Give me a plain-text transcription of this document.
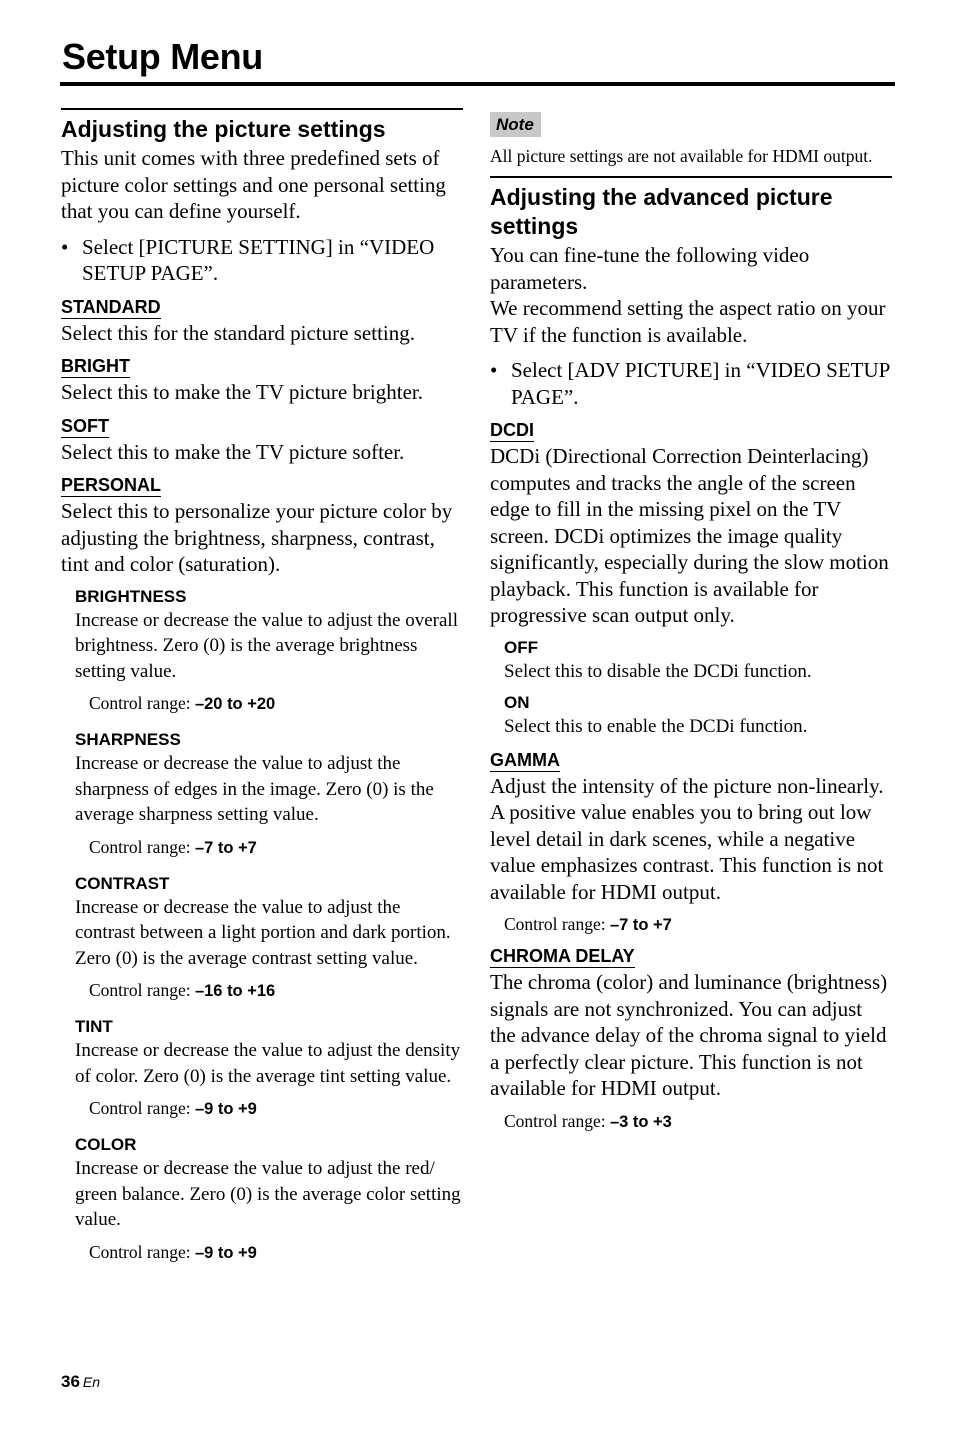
Setup Menu
Adjusting the picture settings

This unit comes with three predefined sets of picture color settings and one personal setting that you can define yourself.

• Select [PICTURE SETTING] in “VIDEO SETUP PAGE”.
STANDARD

Select this for the standard picture setting.

BRIGHT

Select this to make the TV picture brighter.

SOFT

Select this to make the TV picture softer.

PERSONAL

Select this to personalize your picture color by adjusting the brightness, sharpness, contrast, tint and color (saturation).

BRIGHTNESS

Increase or decrease the value to adjust the overall brightness. Zero (0) is the average brightness setting value.

Control range: –20 to +20

SHARPNESS

Increase or decrease the value to adjust the sharpness of edges in the image. Zero (0) is the average sharpness setting value.

Control range: –7 to +7

CONTRAST

Increase or decrease the value to adjust the contrast between a light portion and dark portion. Zero (0) is the average contrast setting value.

Control range: –16 to +16

TINT

Increase or decrease the value to adjust the density of color. Zero (0) is the average tint setting value.

Control range: –9 to +9

COLOR

Increase or decrease the value to adjust the red/ green balance. Zero (0) is the average color setting value.

Control range: –9 to +9

Note

All picture settings are not available for HDMI output.

Adjusting the advanced picture settings

You can fine-tune the following video parameters.

We recommend setting the aspect ratio on your TV if the function is available.

• Select [ADV PICTURE] in “VIDEO SETUP PAGE”.
DCDI

DCDi (Directional Correction Deinterlacing) computes and tracks the angle of the screen edge to fill in the missing pixel on the TV screen. DCDi optimizes the image quality significantly, especially during the slow motion playback. This function is available for progressive scan output only.

OFF

Select this to disable the DCDi function.

ON

Select this to enable the DCDi function.

GAMMA

Adjust the intensity of the picture non-linearly. A positive value enables you to bring out low level detail in dark scenes, while a negative value emphasizes contrast. This function is not available for HDMI output.

Control range: –7 to +7

CHROMA DELAY

The chroma (color) and luminance (brightness) signals are not synchronized. You can adjust the advance delay of the chroma signal to yield a perfectly clear picture. This function is not available for HDMI output.

Control range: –3 to +3

36 En
